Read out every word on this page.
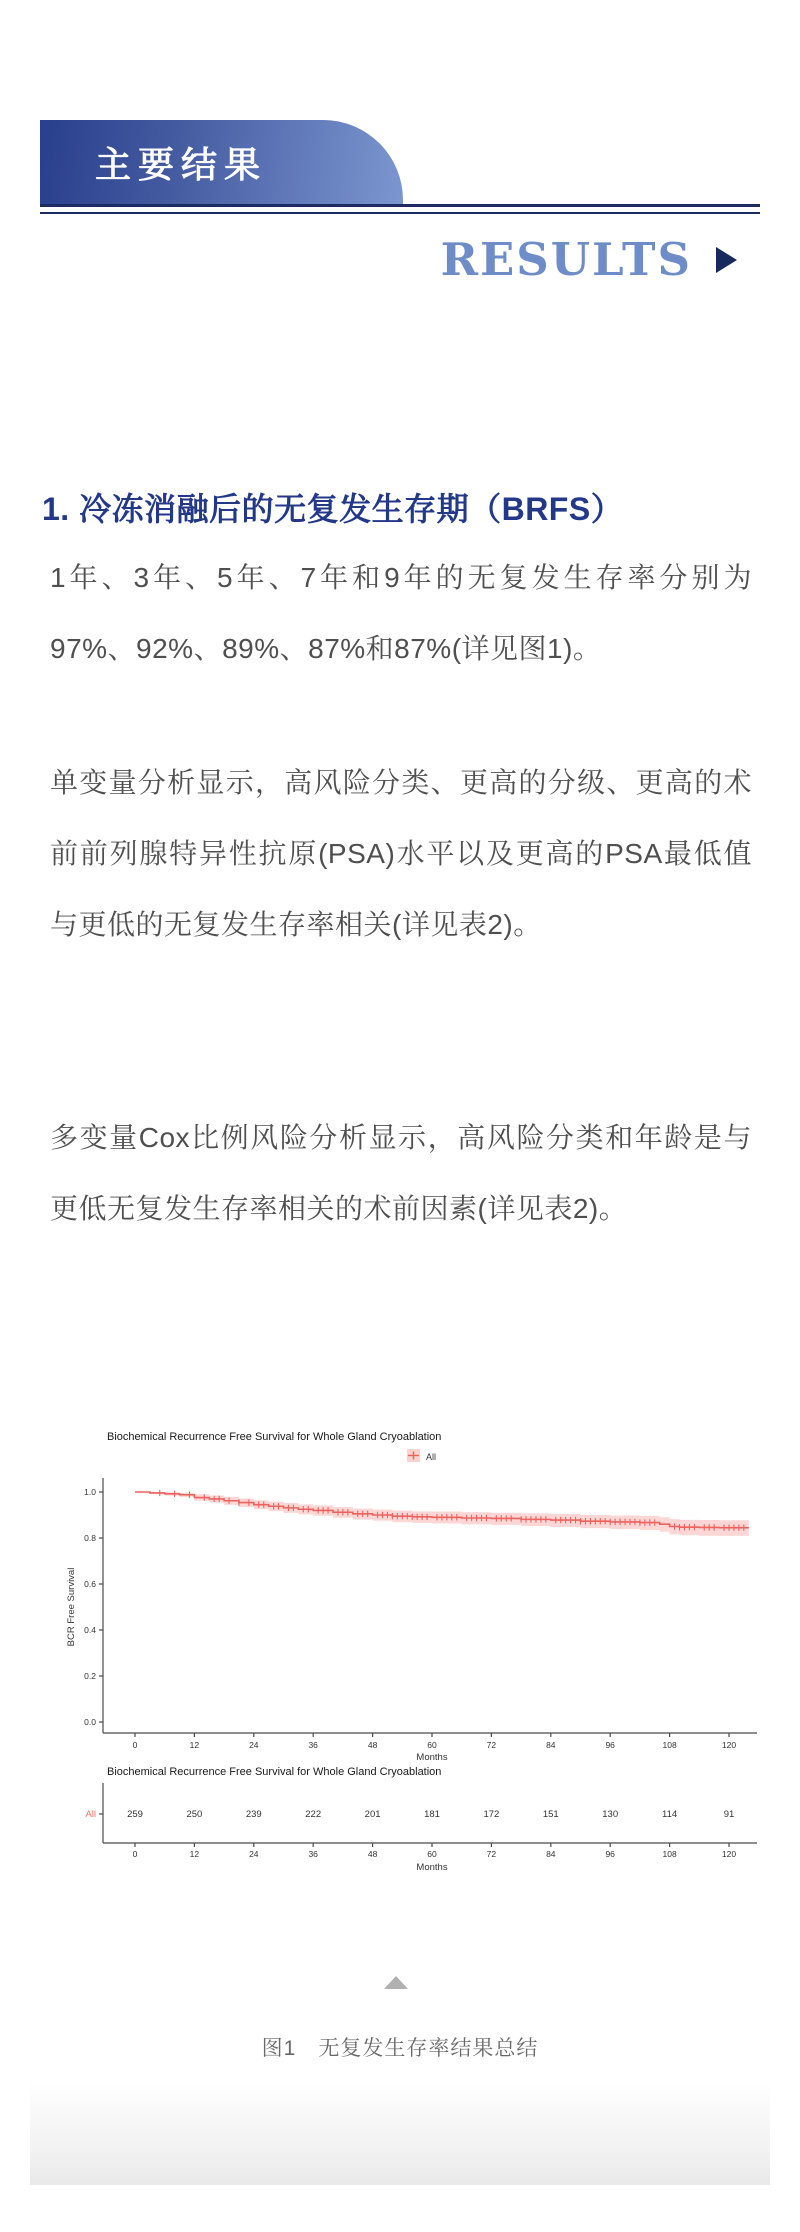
主要结果
RESULTS
1. 冷冻消融后的无复发生存期（BRFS）

1年、3年、5年、7年和9年的无复发生存率分别为97%、92%、89%、87%和87%(详见图1)。

单变量分析显示，高风险分类、更高的分级、更高的术前前列腺特异性抗原(PSA)水平以及更高的PSA最低值与更低的无复发生存率相关(详见表2)。

多变量Cox比例风险分析显示，高风险分类和年龄是与更低无复发生存率相关的术前因素(详见表2)。

Biochemical Recurrence Free Survival for Whole Gland Cryoablation
All
0.0
0.2
0.4
0.6
0.8
1.0
BCR Free Survival
0	12	24	36	48	60	72	84	96	108	120
Months
Biochemical Recurrence Free Survival for Whole Gland Cryoablation
All	259	250	239	222	201	181	172	151	130	114	91
0	12	24	36	48	60	72	84	96	108	120
Months
图1　无复发生存率结果总结
